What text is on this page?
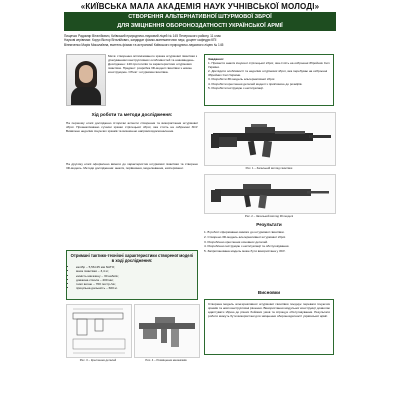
«КИЇВСЬКА МАЛА АКАДЕМІЯ НАУК УЧНІВСЬКОЇ МОЛОДІ»
СТВОРЕННЯ АЛЬТЕРНАТИВНОЇ ШТУРМОВОЇ ЗБРОЇ
ДЛЯ ЗМІЦНЕННЯ ОБОРОНОЗДАТНОСТІ УКРАЇНСЬКОЇ АРМІЇ
Пищечко Радомир Віталійович, Київський природничо-науковий ліцей № 145 Печерського району, 11 клас
Наукові керівники: Корух Віктор Віталійович, кандидат фізико-математичних наук, доцент кафедри КПІ
Вінниченко Марія Миколаївна, вчитель фізики та астрономії Київського природничо-наукового ліцею № 145
Мета: створення оптимізованого зразка штурмової гвинтівки з урахуванням конструктивних особливостей та нововведень. Досліджено: 140 прототипів та характеристики штурмових гвинтівок. Предмет: розробка 3D-моделі гвинтівки з новою конструкцією. Об'єкт: штурмова гвинтівка.
Завдання:
1. Провести аналіз існуючої стрілецької зброї, яка стоїть на озброєнні Збройних Сил України.
2. Дослідити особливості та недоліки штурмової зброї, яка перебуває на озброєнні Збройних Сил України.
3. Розробити 3D-модель альтернативної зброї.
4. Розробити креслення деталей моделі з прив'язкою до розмірів.
5. Розробити інструкцію з експлуатації.
Хід роботи та методи дослідження:
На першому етапі досліджено історичні аспекти створення та використання штурмової зброї. Проаналізовано сучасні зразки стрілецької зброї, яка стоїть на озброєнні ЗСУ. Виявлено недоліки існуючих зразків та визначено напрями вдосконалення.
На другому етапі оформлено вимоги до характеристик штурмової гвинтівки та створено 3D-модель. Методи дослідження: аналіз, порівняння, моделювання, експеримент.
Отримані тактико-технічні характеристики створеної моделі в ході дослідження:
• калібр – 5,56×45 мм NATO;
• маса гвинтівки – 3,4 кг;
• ємність магазину – 30 набоїв;
• довжина ствола – 400 мм;
• темп вогню – 700 постр./хв;
• прицільна дальність – 600 м.
Рис. 1 – Загальний вигляд гвинтівки
Рис. 2 – Загальний вигляд 3D-моделі
Результати
1. В роботі сформовано вимоги до штурмової гвинтівки.
2. Створено 3D-модель альтернативної штурмової зброї.
3. Розроблено креслення основних деталей.
4. Розроблено інструкцію з експлуатації та обслуговування.
5. Запропонована модель може бути використана у ЗСУ.
Рис. 3 – Креслення деталей	Рис. 4 – Розміщення механізмів
Висновки
Створена модель альтернативної штурмової гвинтівки поєднує переваги існуючих зразків та нові конструктивні рішення. Використання модульної конструкції дозволяє адаптувати зброю до різних бойових умов та спрощує обслуговування. Результати роботи можуть бути використані для зміцнення обороноздатності української армії.
